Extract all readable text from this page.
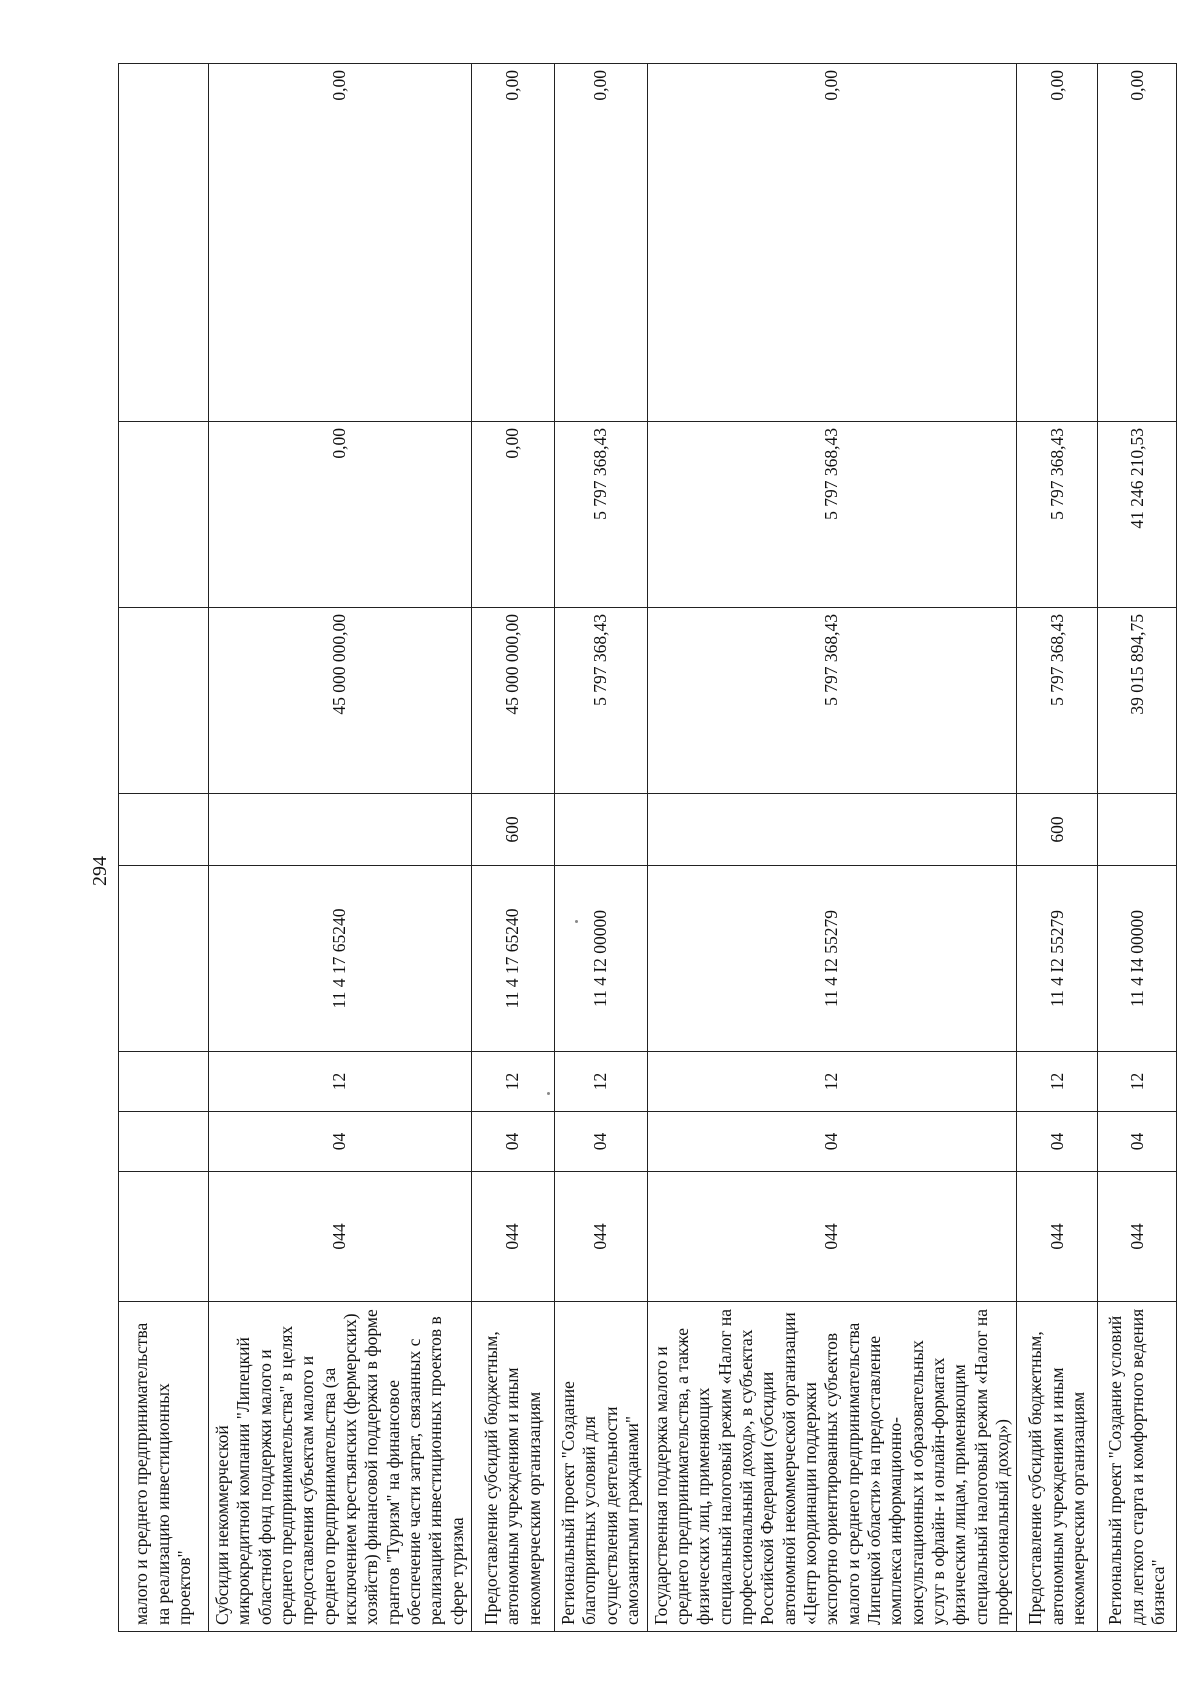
294
малого и среднего предпринимательства на реализацию инвестиционных проектов"								
Субсидии некоммерческой микрокредитной компании "Липецкий областной фонд поддержки малого и среднего предпринимательства" в целях предоставления субъектам малого и среднего предпринимательства (за исключением крестьянских (фермерских) хозяйств) финансовой поддержки в форме грантов "Туризм" на финансовое обеспечение части затрат, связанных с реализацией инвестиционных проектов в сфере туризма	044	04	12	11 4 17 65240		45 000 000,00	0,00	0,00
Предоставление субсидий бюджетным, автономным учреждениям и иным некоммерческим организациям	044	04	12	11 4 17 65240	600	45 000 000,00	0,00	0,00
Региональный проект "Создание благоприятных условий для осуществления деятельности самозанятыми гражданами"	044	04	12	11 4 I2 00000		5 797 368,43	5 797 368,43	0,00
Государственная поддержка малого и среднего предпринимательства, а также физических лиц, применяющих специальный налоговый режим «Налог на профессиональный доход», в субъектах Российской Федерации (субсидии автономной некоммерческой организации «Центр координации поддержки экспортно ориентированных субъектов малого и среднего предпринимательства Липецкой области» на предоставление комплекса информационно-консультационных и образовательных услуг в офлайн- и онлайн-форматах физическим лицам, применяющим специальный налоговый режим «Налог на профессиональный доход»)	044	04	12	11 4 I2 55279		5 797 368,43	5 797 368,43	0,00
Предоставление субсидий бюджетным, автономным учреждениям и иным некоммерческим организациям	044	04	12	11 4 I2 55279	600	5 797 368,43	5 797 368,43	0,00
Региональный проект "Создание условий для легкого старта и комфортного ведения бизнеса"	044	04	12	11 4 I4 00000		39 015 894,75	41 246 210,53	0,00
